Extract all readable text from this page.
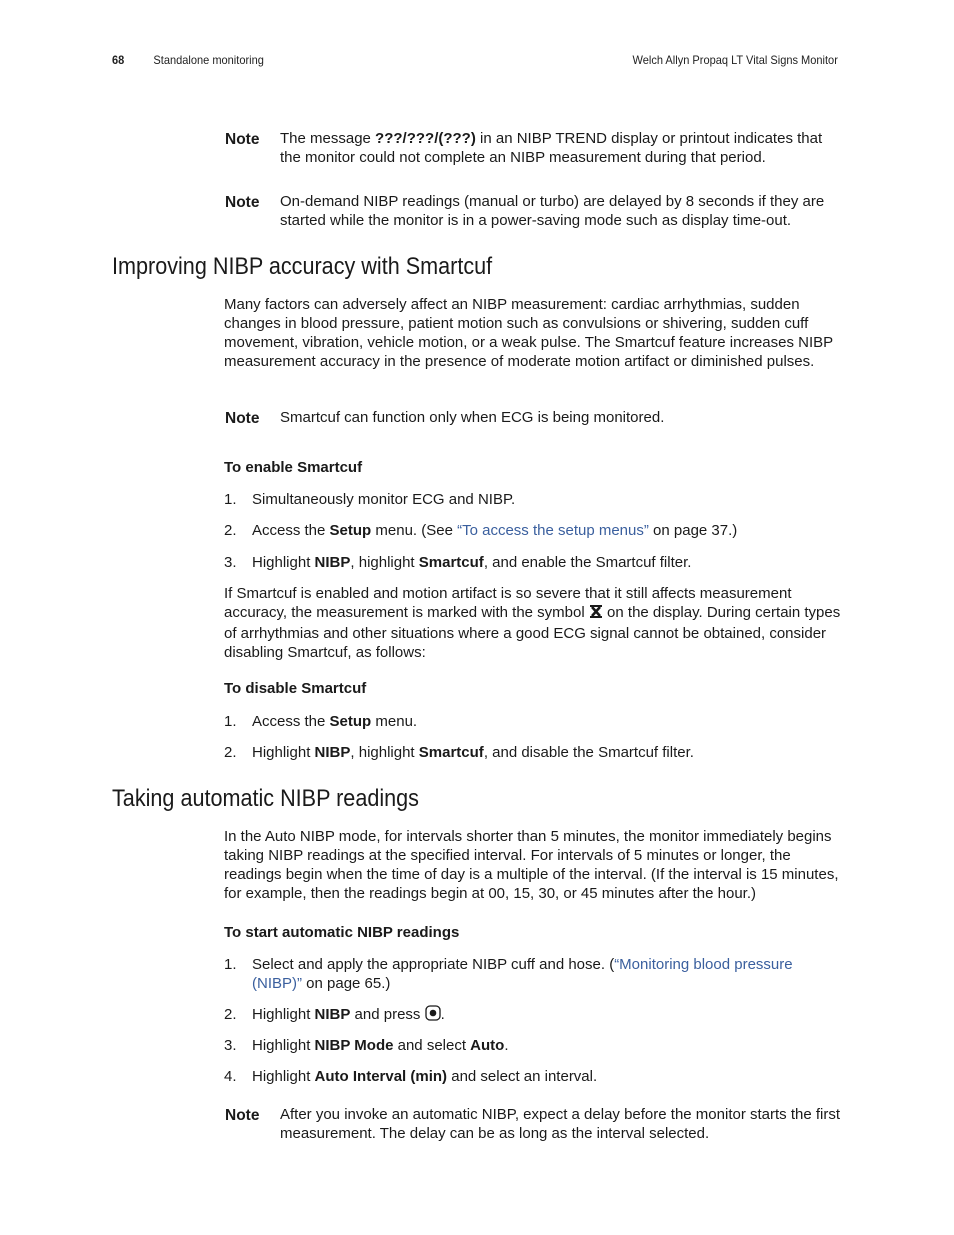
68 Standalone monitoring	Welch Allyn Propaq LT Vital Signs Monitor
Note The message ???/???/(???) in an NIBP TREND display or printout indicates that the monitor could not complete an NIBP measurement during that period.
Note On-demand NIBP readings (manual or turbo) are delayed by 8 seconds if they are started while the monitor is in a power-saving mode such as display time-out.
Improving NIBP accuracy with Smartcuf
Many factors can adversely affect an NIBP measurement: cardiac arrhythmias, sudden changes in blood pressure, patient motion such as convulsions or shivering, sudden cuff movement, vibration, vehicle motion, or a weak pulse. The Smartcuf feature increases NIBP measurement accuracy in the presence of moderate motion artifact or diminished pulses.
Note Smartcuf can function only when ECG is being monitored.
To enable Smartcuf
1. Simultaneously monitor ECG and NIBP.
2. Access the Setup menu. (See “To access the setup menus” on page 37.)
3. Highlight NIBP, highlight Smartcuf, and enable the Smartcuf filter.
If Smartcuf is enabled and motion artifact is so severe that it still affects measurement accuracy, the measurement is marked with the symbol on the display. During certain types of arrhythmias and other situations where a good ECG signal cannot be obtained, consider disabling Smartcuf, as follows:
To disable Smartcuf
1. Access the Setup menu.
2. Highlight NIBP, highlight Smartcuf, and disable the Smartcuf filter.
Taking automatic NIBP readings
In the Auto NIBP mode, for intervals shorter than 5 minutes, the monitor immediately begins taking NIBP readings at the specified interval. For intervals of 5 minutes or longer, the readings begin when the time of day is a multiple of the interval. (If the interval is 15 minutes, for example, then the readings begin at 00, 15, 30, or 45 minutes after the hour.)
To start automatic NIBP readings
1. Select and apply the appropriate NIBP cuff and hose. (“Monitoring blood pressure (NIBP)” on page 65.)
2. Highlight NIBP and press .
3. Highlight NIBP Mode and select Auto.
4. Highlight Auto Interval (min) and select an interval.
Note After you invoke an automatic NIBP, expect a delay before the monitor starts the first measurement. The delay can be as long as the interval selected.
